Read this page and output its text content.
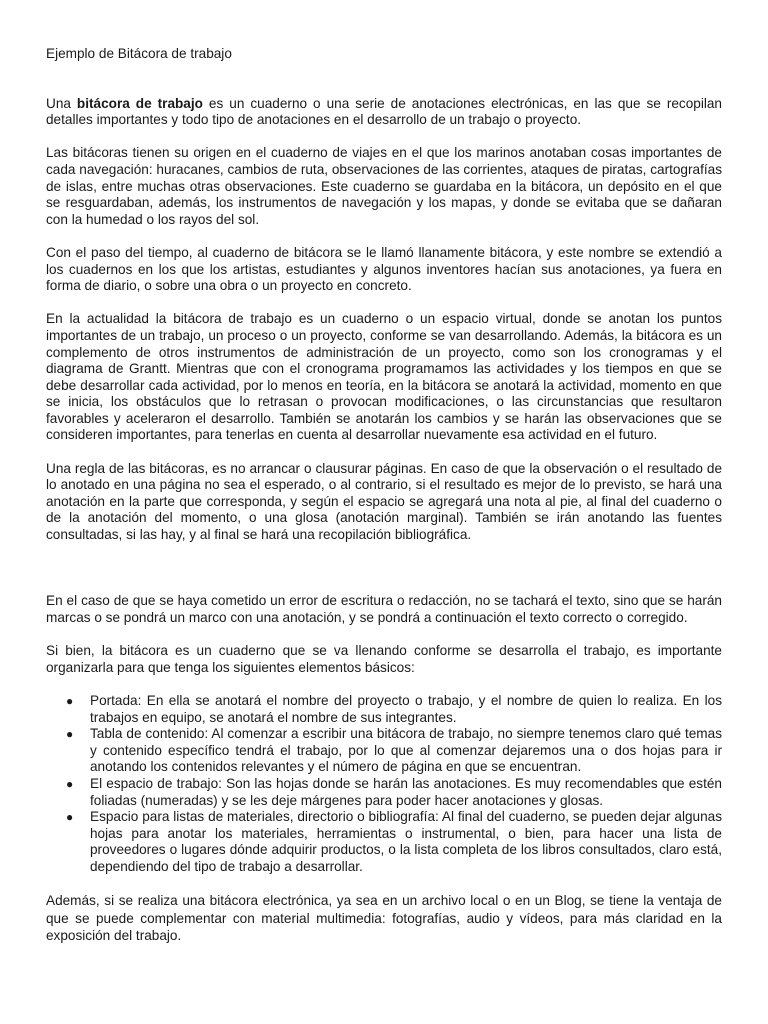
Ejemplo de Bitácora de trabajo

Una bitácora de trabajo es un cuaderno o una serie de anotaciones electrónicas, en las que se recopilan detalles importantes y todo tipo de anotaciones en el desarrollo de un trabajo o proyecto.

Las bitácoras tienen su origen en el cuaderno de viajes en el que los marinos anotaban cosas importantes de cada navegación: huracanes, cambios de ruta, observaciones de las corrientes, ataques de piratas, cartografías de islas, entre muchas otras observaciones. Este cuaderno se guardaba en la bitácora, un depósito en el que se resguardaban, además, los instrumentos de navegación y los mapas, y donde se evitaba que se dañaran con la humedad o los rayos del sol.

Con el paso del tiempo, al cuaderno de bitácora se le llamó llanamente bitácora, y este nombre se extendió a los cuadernos en los que los artistas, estudiantes y algunos inventores hacían sus anotaciones, ya fuera en forma de diario, o sobre una obra o un proyecto en concreto.

En la actualidad la bitácora de trabajo es un cuaderno o un espacio virtual, donde se anotan los puntos importantes de un trabajo, un proceso o un proyecto, conforme se van desarrollando. Además, la bitácora es un complemento de otros instrumentos de administración de un proyecto, como son los cronogramas y el diagrama de Grantt. Mientras que con el cronograma programamos las actividades y los tiempos en que se debe desarrollar cada actividad, por lo menos en teoría, en la bitácora se anotará la actividad, momento en que se inicia, los obstáculos que lo retrasan o provocan modificaciones, o las circunstancias que resultaron favorables y aceleraron el desarrollo. También se anotarán los cambios y se harán las observaciones que se consideren importantes, para tenerlas en cuenta al desarrollar nuevamente esa actividad en el futuro.

Una regla de las bitácoras, es no arrancar o clausurar páginas. En caso de que la observación o el resultado de lo anotado en una página no sea el esperado, o al contrario, si el resultado es mejor de lo previsto, se hará una anotación en la parte que corresponda, y según el espacio se agregará una nota al pie, al final del cuaderno o de la anotación del momento, o una glosa (anotación marginal). También se irán anotando las fuentes consultadas, si las hay, y al final se hará una recopilación bibliográfica.

En el caso de que se haya cometido un error de escritura o redacción, no se tachará el texto, sino que se harán marcas o se pondrá un marco con una anotación, y se pondrá a continuación el texto correcto o corregido.

Si bien, la bitácora es un cuaderno que se va llenando conforme se desarrolla el trabajo, es importante organizarla para que tenga los siguientes elementos básicos:

● Portada: En ella se anotará el nombre del proyecto o trabajo, y el nombre de quien lo realiza. En los trabajos en equipo, se anotará el nombre de sus integrantes.
● Tabla de contenido: Al comenzar a escribir una bitácora de trabajo, no siempre tenemos claro qué temas y contenido específico tendrá el trabajo, por lo que al comenzar dejaremos una o dos hojas para ir anotando los contenidos relevantes y el número de página en que se encuentran.
● El espacio de trabajo: Son las hojas donde se harán las anotaciones. Es muy recomendables que estén foliadas (numeradas) y se les deje márgenes para poder hacer anotaciones y glosas.
● Espacio para listas de materiales, directorio o bibliografía: Al final del cuaderno, se pueden dejar algunas hojas para anotar los materiales, herramientas o instrumental, o bien, para hacer una lista de proveedores o lugares dónde adquirir productos, o la lista completa de los libros consultados, claro está, dependiendo del tipo de trabajo a desarrollar.

Además, si se realiza una bitácora electrónica, ya sea en un archivo local o en un Blog, se tiene la ventaja de que se puede complementar con material multimedia: fotografías, audio y vídeos, para más claridad en la exposición del trabajo.
